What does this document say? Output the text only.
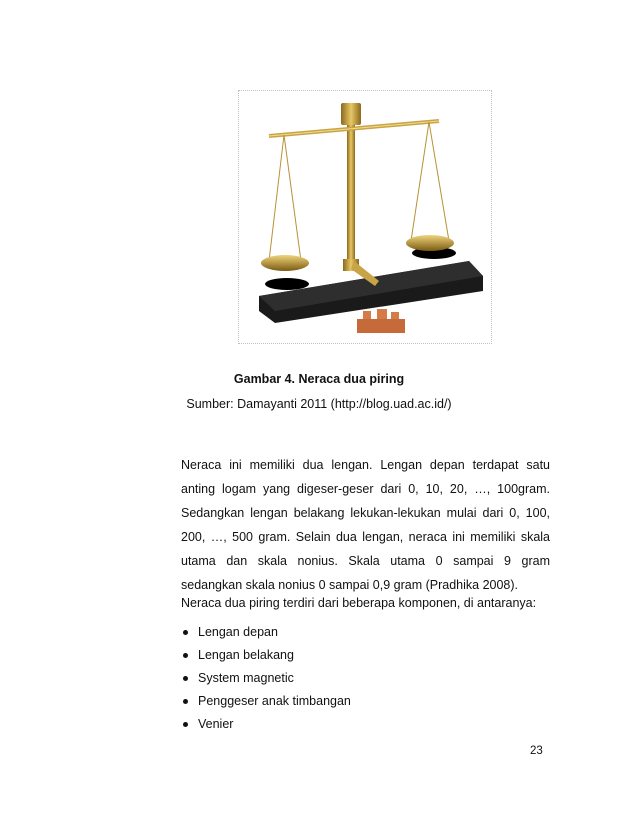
Gambar 4. Neraca dua piring
Sumber: Damayanti 2011 (http://blog.uad.ac.id/)

Neraca ini memiliki dua lengan. Lengan depan terdapat satu anting logam yang digeser-geser dari 0, 10, 20, …, 100gram. Sedangkan lengan belakang lekukan-lekukan mulai dari 0, 100, 200, …, 500 gram. Selain dua lengan, neraca ini memiliki skala utama dan skala nonius. Skala utama 0 sampai 9 gram sedangkan skala nonius 0 sampai 0,9 gram (Pradhika 2008).

Neraca dua piring terdiri dari beberapa komponen, di antaranya:

Lengan depan
Lengan belakang
System magnetic
Penggeser anak timbangan
Venier
23
